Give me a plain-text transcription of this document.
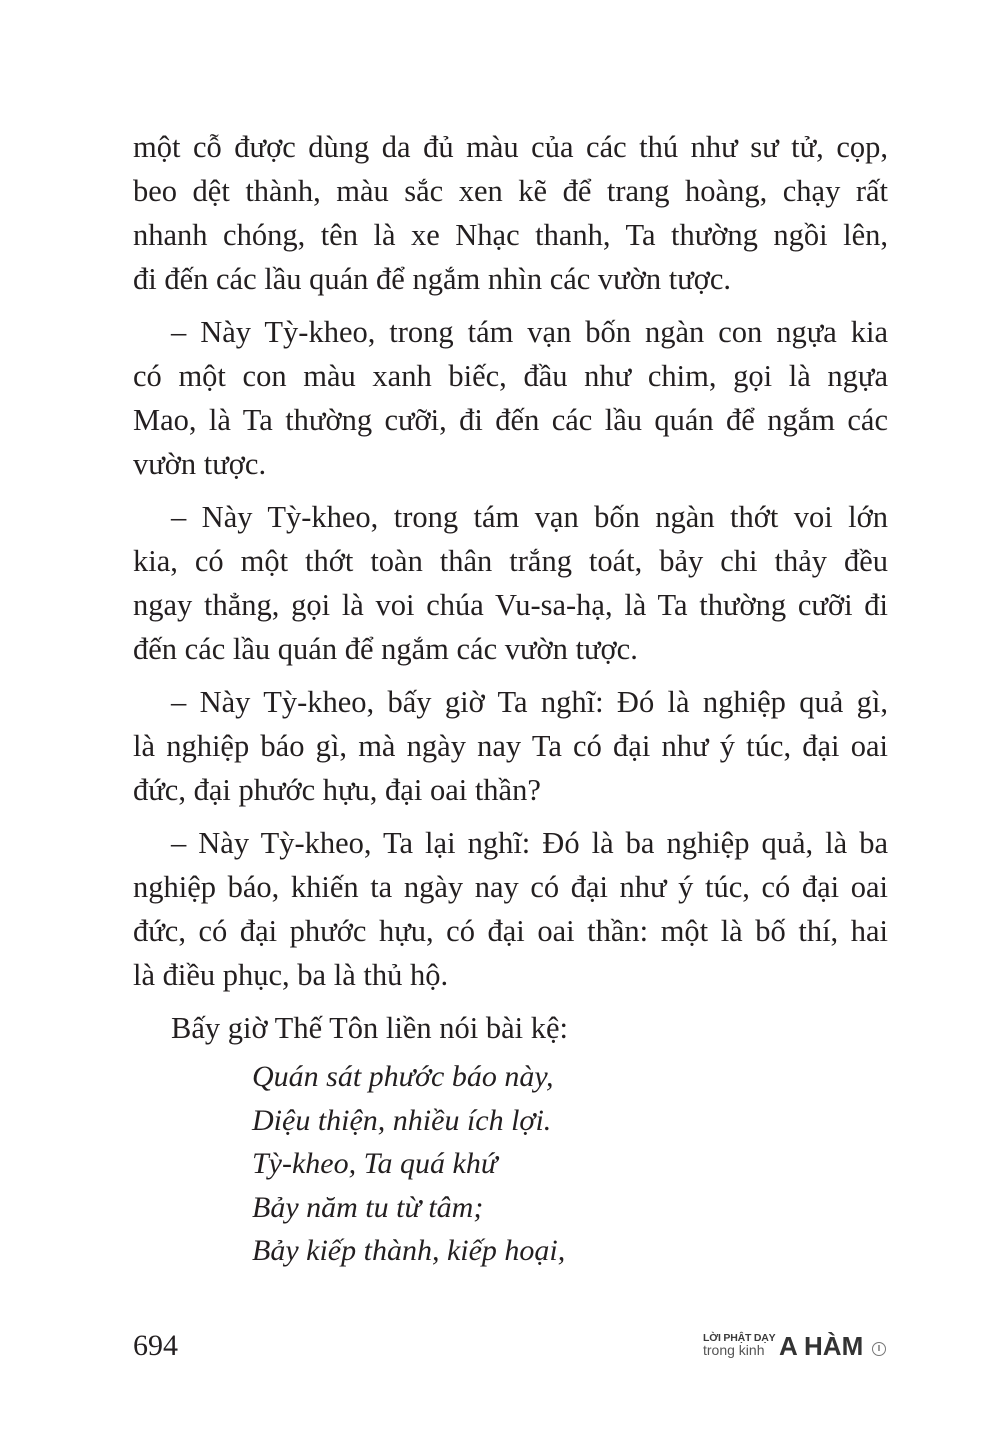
một cỗ được dùng da đủ màu của các thú như sư tử, cọp,
beo dệt thành, màu sắc xen kẽ để trang hoàng, chạy rất
nhanh chóng, tên là xe Nhạc thanh, Ta thường ngồi lên,
đi đến các lầu quán để ngắm nhìn các vườn tược.
– Này Tỳ-kheo, trong tám vạn bốn ngàn con ngựa kia
có một con màu xanh biếc, đầu như chim, gọi là ngựa
Mao, là Ta thường cưỡi, đi đến các lầu quán để ngắm các
vườn tược.
– Này Tỳ-kheo, trong tám vạn bốn ngàn thớt voi lớn
kia, có một thớt toàn thân trắng toát, bảy chi thảy đều
ngay thẳng, gọi là voi chúa Vu-sa-hạ, là Ta thường cưỡi đi
đến các lầu quán để ngắm các vườn tược.
– Này Tỳ-kheo, bấy giờ Ta nghĩ: Đó là nghiệp quả gì,
là nghiệp báo gì, mà ngày nay Ta có đại như ý túc, đại oai
đức, đại phước hựu, đại oai thần?
– Này Tỳ-kheo, Ta lại nghĩ: Đó là ba nghiệp quả, là ba
nghiệp báo, khiến ta ngày nay có đại như ý túc, có đại oai
đức, có đại phước hựu, có đại oai thần: một là bố thí, hai
là điều phục, ba là thủ hộ.
Bấy giờ Thế Tôn liền nói bài kệ:
Quán sát phước báo này,
Diệu thiện, nhiều ích lợi.
Tỳ-kheo, Ta quá khứ
Bảy năm tu từ tâm;
Bảy kiếp thành, kiếp hoại,
694	LỜI PHẬT DẠY
trong kinh A HÀM	I
